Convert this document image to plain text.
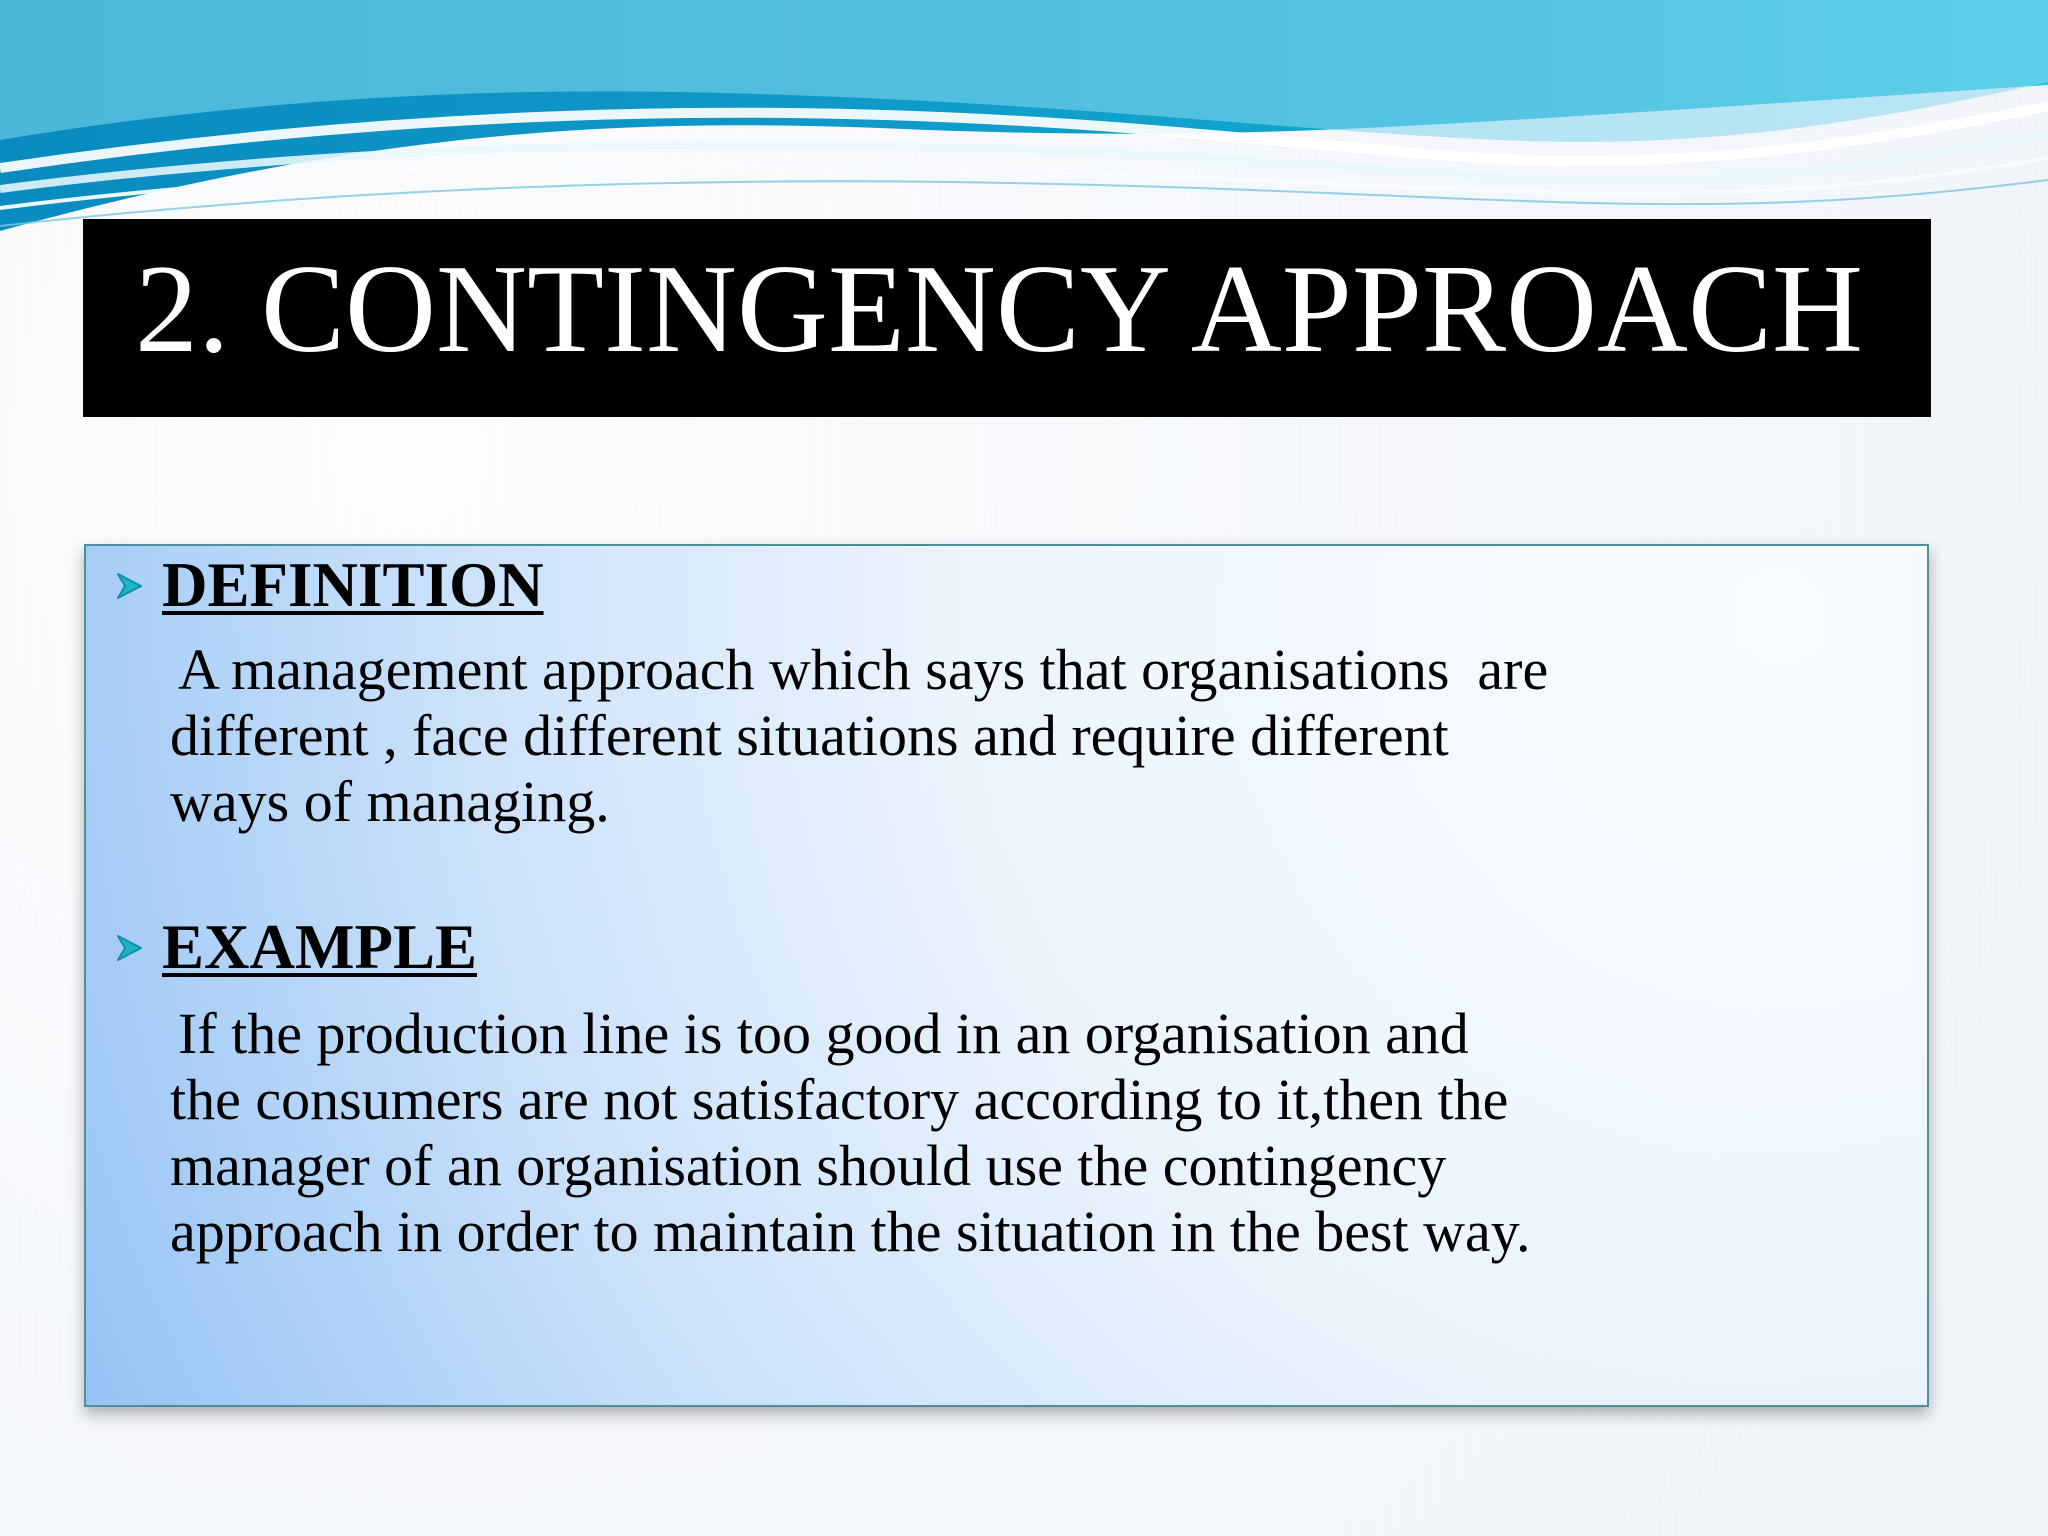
2. CONTINGENCY APPROACH
DEFINITION
A management approach which says that organisations are
different , face different situations and require different
ways of managing.
EXAMPLE
If the production line is too good in an organisation and
the consumers are not satisfactory according to it,then the
manager of an organisation should use the contingency
approach in order to maintain the situation in the best way.
